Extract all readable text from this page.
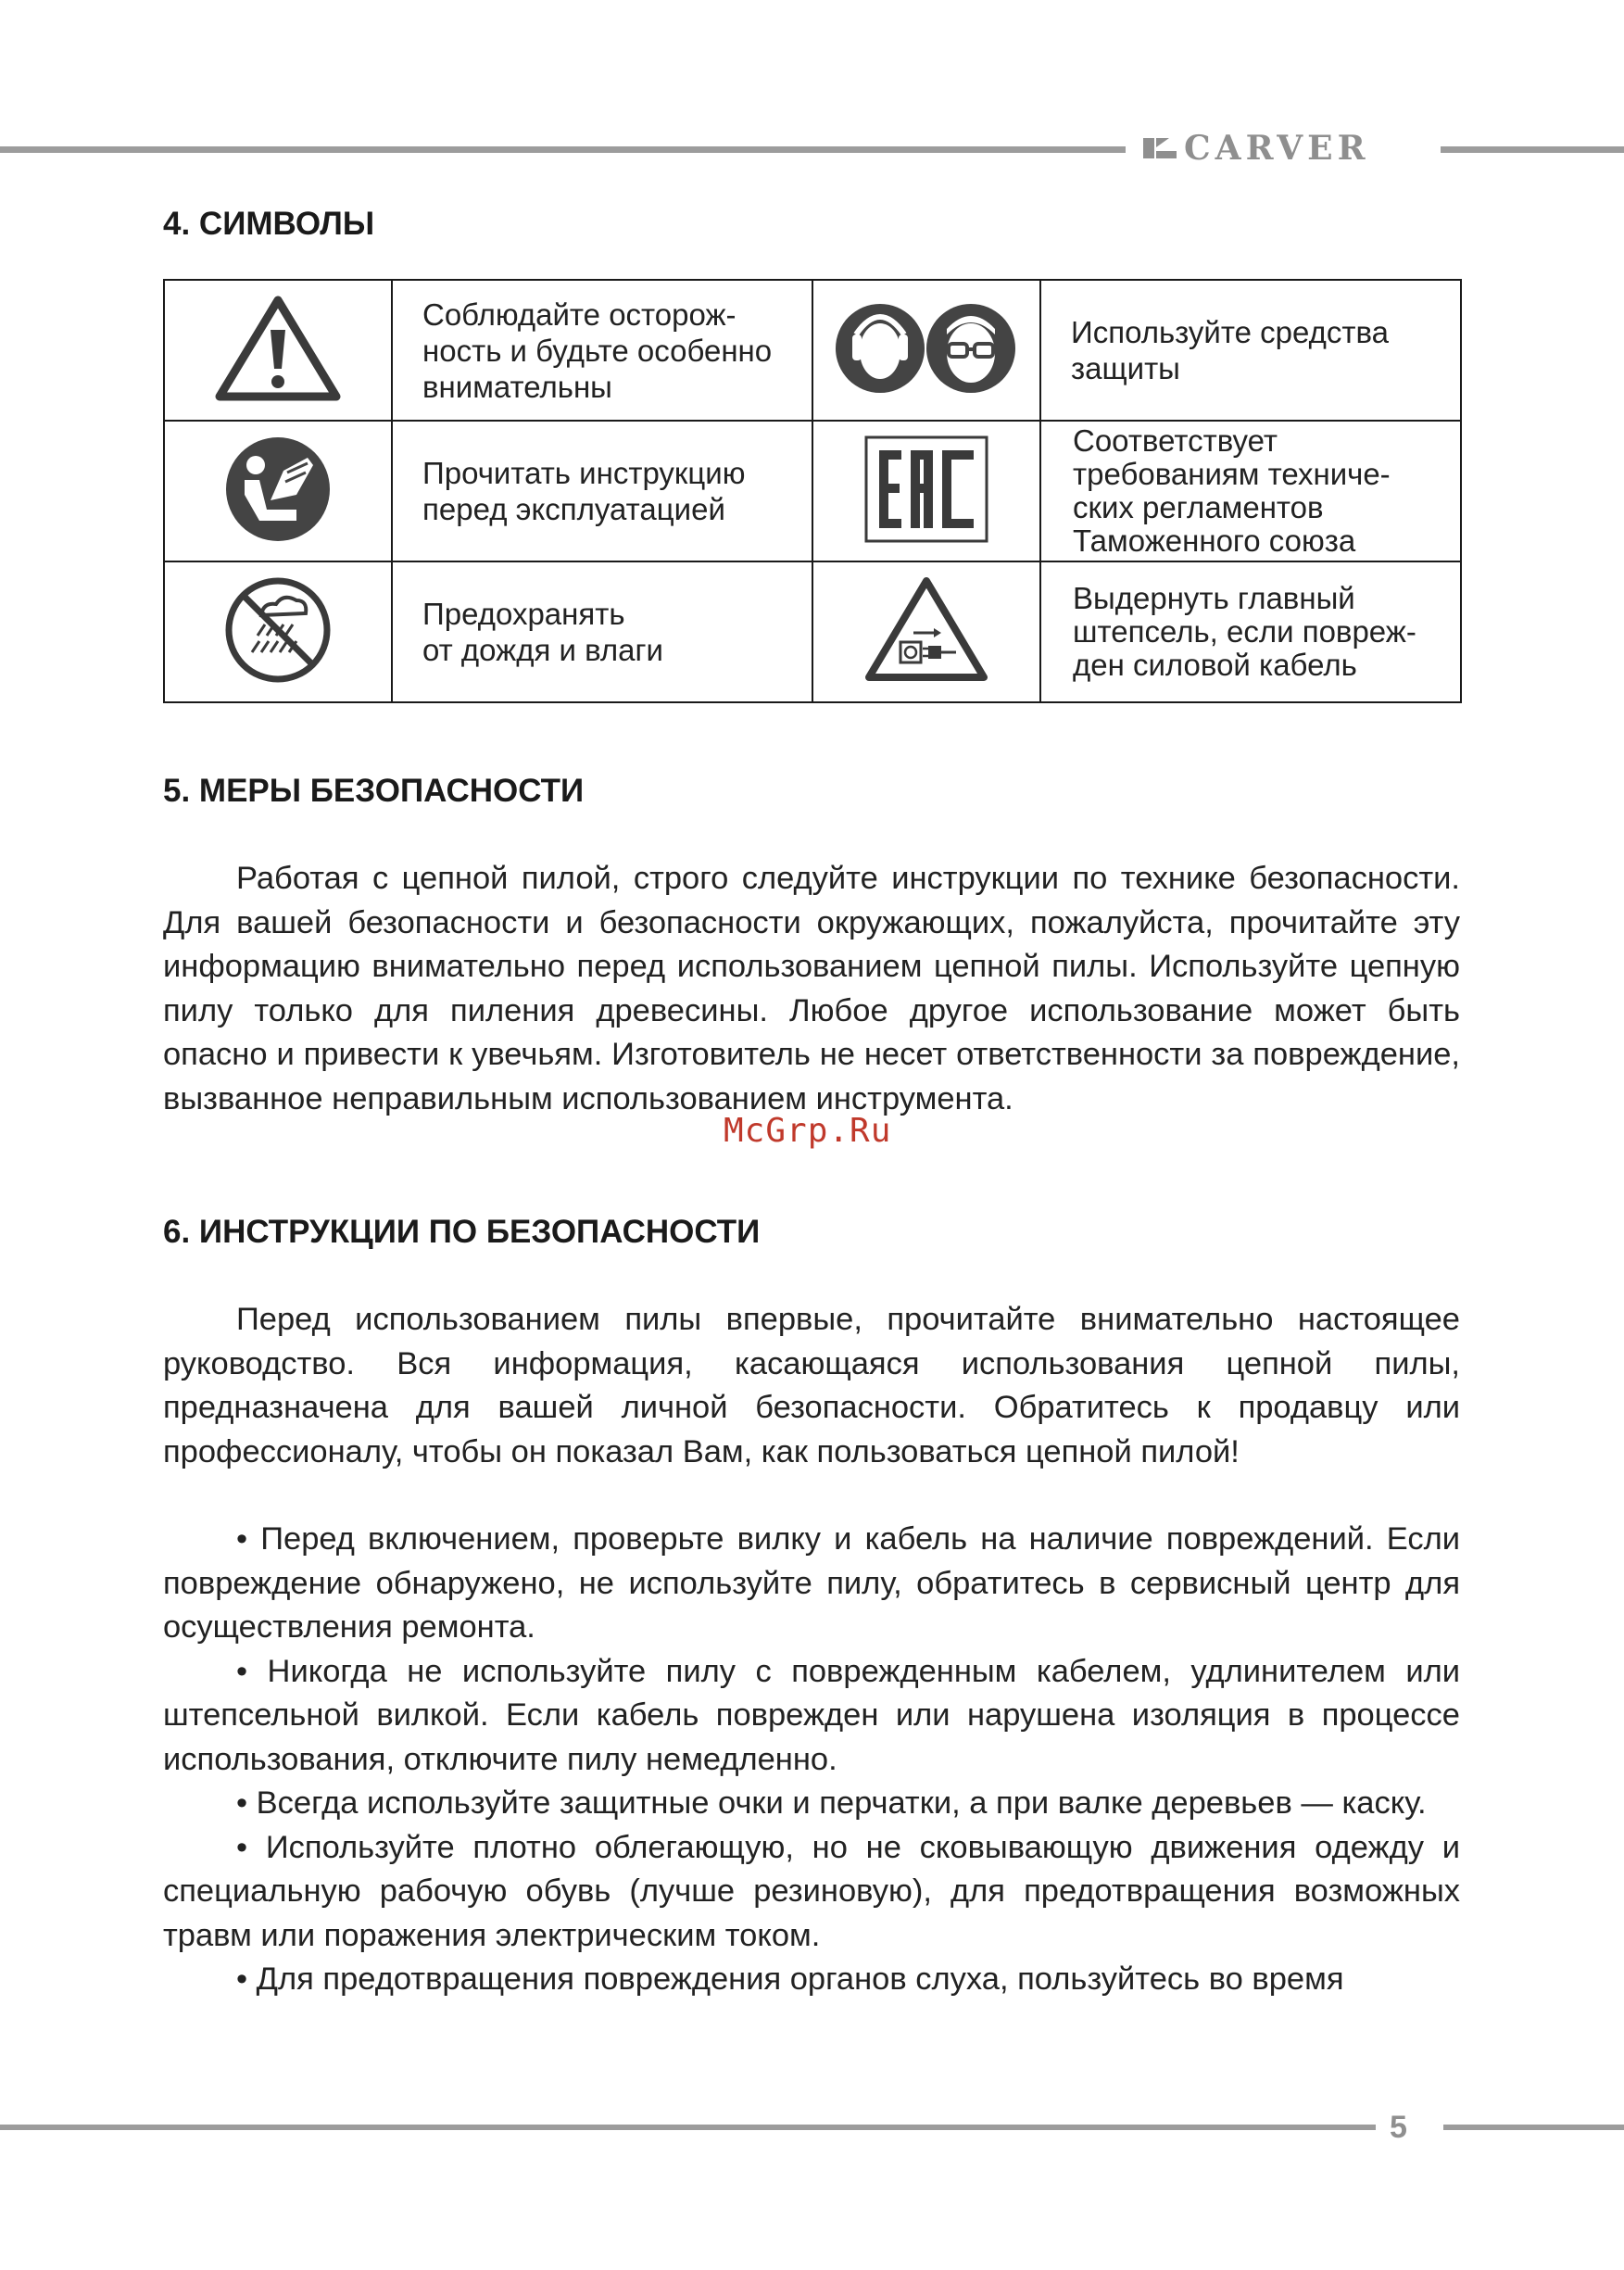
CARVER
4. СИМВОЛЫ

Соблюдайте осторож-
ность и будьте особенно
внимательны		Используйте средства
защиты

Прочитать инструкцию
перед эксплуатацией		Соответствует
требованиям техниче-
ских регламентов
Таможенного союза

Предохранять
от дождя и влаги		Выдернуть главный
штепсель, если повреж-
ден силовой кабель
5. МЕРЫ БЕЗОПАСНОСТИ

Работая с цепной пилой, строго следуйте инструкции по технике безопасности. Для вашей безопасности и безопасности окружающих, пожалуйста, прочитайте эту информацию внимательно перед использованием цепной пилы. Используйте цепную пилу только для пиления древесины. Любое другое использование может быть опасно и привести к увечьям. Изготовитель не несет ответственности за повреждение, вызванное неправильным использованием инструмента.

McGrp.Ru
6. ИНСТРУКЦИИ ПО БЕЗОПАСНОСТИ

Перед использованием пилы впервые, прочитайте внимательно настоящее руководство. Вся информация, касающаяся использования цепной пилы, предназначена для вашей личной безопасности. Обратитесь к продавцу или профессионалу, чтобы он показал Вам, как пользоваться цепной пилой!

• Перед включением, проверьте вилку и кабель на наличие повреждений. Если повреждение обнаружено, не используйте пилу, обратитесь в сервисный центр для осуществления ремонта.
• Никогда не используйте пилу с поврежденным кабелем, удлинителем или штепсельной вилкой. Если кабель поврежден или нарушена изоляция в процессе использования, отключите пилу немедленно.
• Всегда используйте защитные очки и перчатки, а при валке деревьев — каску.
• Используйте плотно облегающую, но не сковывающую движения одежду и специальную рабочую обувь (лучше резиновую), для предотвращения возможных травм или поражения электрическим током.
• Для предотвращения повреждения органов слуха, пользуйтесь во время
5
